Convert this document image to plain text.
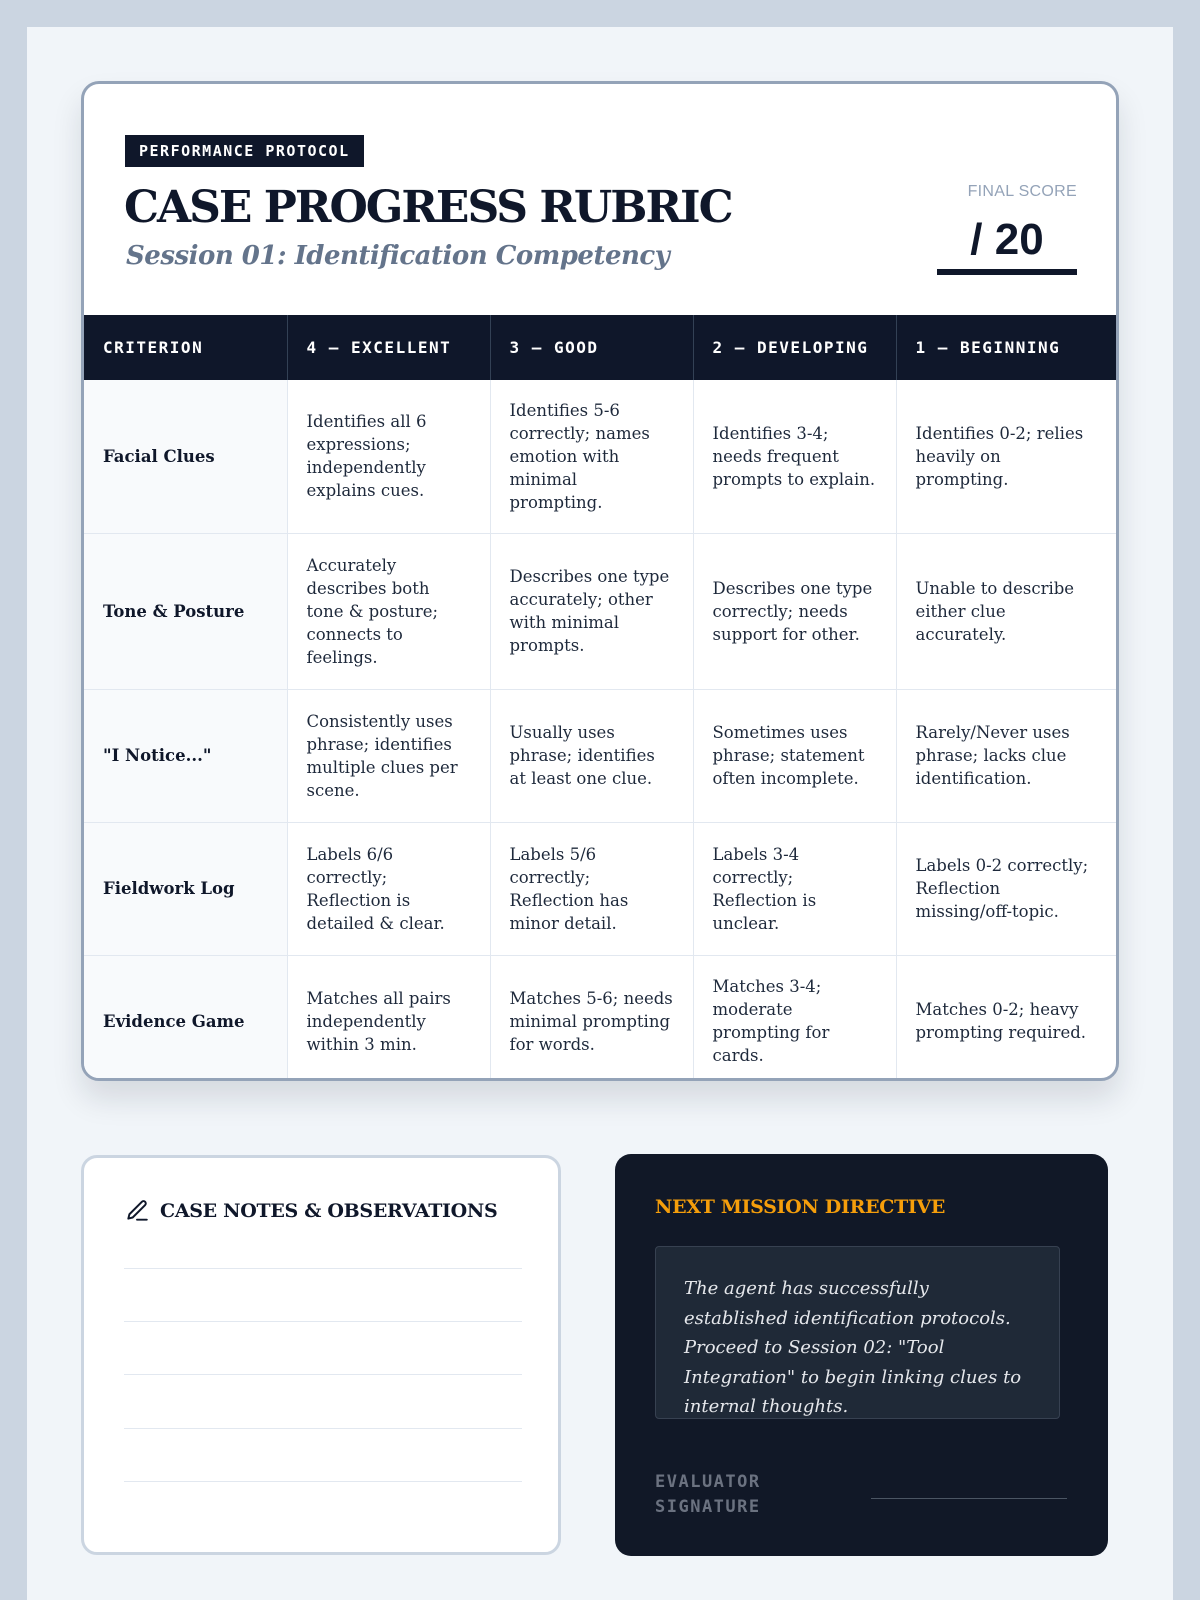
PERFORMANCE PROTOCOL
CASE PROGRESS RUBRIC
Session 01: Identification Competency
FINAL SCORE
/ 20
CRITERION	4 – EXCELLENT	3 – GOOD	2 – DEVELOPING	1 – BEGINNING
Facial Clues	Identifies all 6 expressions; independently explains cues.	Identifies 5-6 correctly; names emotion with minimal prompting.	Identifies 3-4; needs frequent prompts to explain.	Identifies 0-2; relies heavily on prompting.
Tone & Posture	Accurately describes both tone & posture; connects to feelings.	Describes one type accurately; other with minimal prompts.	Describes one type correctly; needs support for other.	Unable to describe either clue accurately.
"I Notice..."	Consistently uses phrase; identifies multiple clues per scene.	Usually uses phrase; identifies at least one clue.	Sometimes uses phrase; statement often incomplete.	Rarely/Never uses phrase; lacks clue identification.
Fieldwork Log	Labels 6/6 correctly; Reflection is detailed & clear.	Labels 5/6 correctly; Reflection has minor detail.	Labels 3-4 correctly; Reflection is unclear.	Labels 0-2 correctly; Reflection missing/off-topic.
Evidence Game	Matches all pairs independently within 3 min.	Matches 5-6; needs minimal prompting for words.	Matches 3-4; moderate prompting for cards.	Matches 0-2; heavy prompting required.
CASE NOTES & OBSERVATIONS	NEXT MISSION DIRECTIVE
The agent has successfully established identification protocols. Proceed to Session 02: "Tool Integration" to begin linking clues to internal thoughts.
EVALUATOR SIGNATURE
